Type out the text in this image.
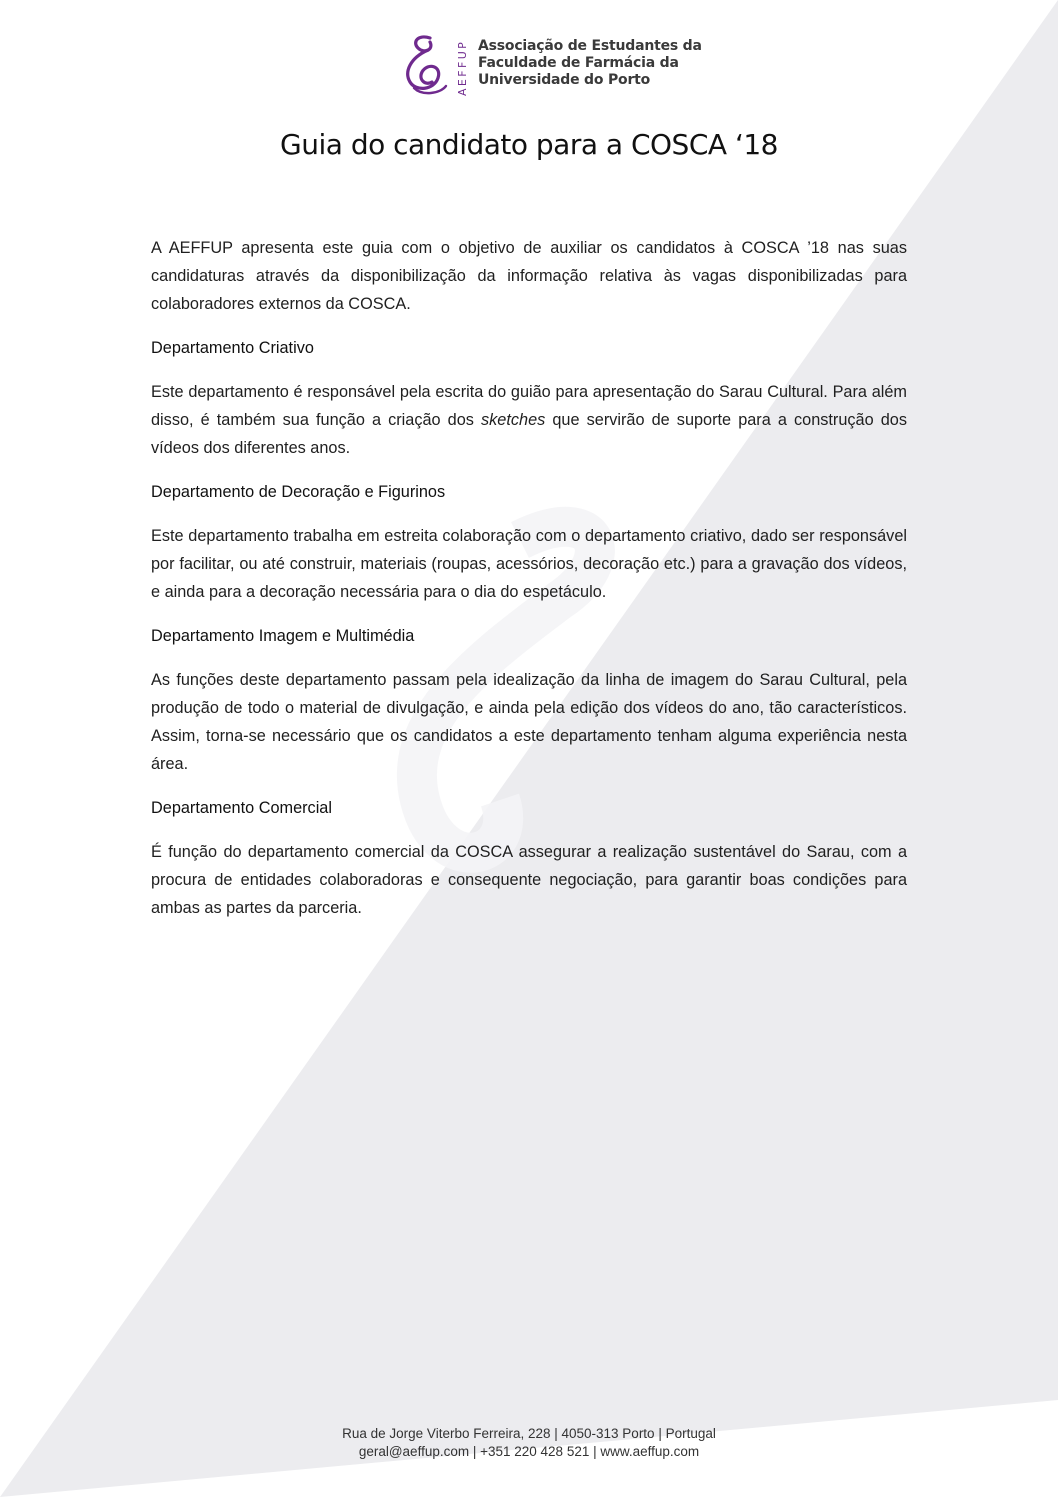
AEFFUP Associação de Estudantes da
Faculdade de Farmácia da
Universidade do Porto
Guia do candidato para a COSCA ‘18

A AEFFUP apresenta este guia com o objetivo de auxiliar os candidatos à COSCA ’18 nas suas candidaturas através da disponibilização da informação relativa às vagas disponibilizadas para colaboradores externos da COSCA.

Departamento Criativo

Este departamento é responsável pela escrita do guião para apresentação do Sarau Cultural. Para além disso, é também sua função a criação dos sketches que servirão de suporte para a construção dos vídeos dos diferentes anos.

Departamento de Decoração e Figurinos

Este departamento trabalha em estreita colaboração com o departamento criativo, dado ser responsável por facilitar, ou até construir, materiais (roupas, acessórios, decoração etc.) para a gravação dos vídeos, e ainda para a decoração necessária para o dia do espetáculo.

Departamento Imagem e Multimédia

As funções deste departamento passam pela idealização da linha de imagem do Sarau Cultural, pela produção de todo o material de divulgação, e ainda pela edição dos vídeos do ano, tão característicos. Assim, torna-se necessário que os candidatos a este departamento tenham alguma experiência nesta área.

Departamento Comercial

É função do departamento comercial da COSCA assegurar a realização sustentável do Sarau, com a procura de entidades colaboradoras e consequente negociação, para garantir boas condições para ambas as partes da parceria.

Rua de Jorge Viterbo Ferreira, 228 | 4050-313 Porto | Portugal
geral@aeffup.com | +351 220 428 521 | www.aeffup.com
